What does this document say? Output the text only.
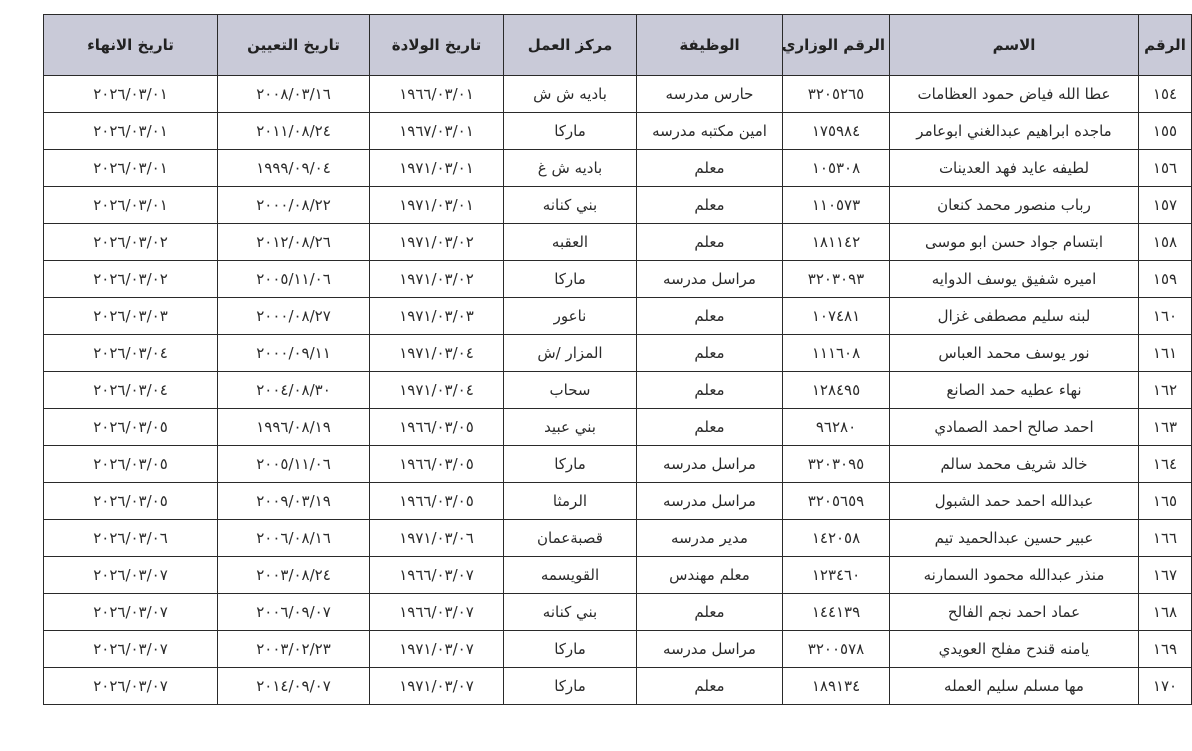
الرقم	الاسم	الرقم الوزاري	الوظيفة	مركز العمل	تاريخ الولادة	تاريخ التعيين	تاريخ الانهاء
١٥٤	عطا الله فياض حمود العظامات	٣٢٠٥٢٦٥	حارس مدرسه	باديه ش ش	١٩٦٦/٠٣/٠١	٢٠٠٨/٠٣/١٦	٢٠٢٦/٠٣/٠١
١٥٥	ماجده ابراهيم عبدالغني ابوعامر	١٧٥٩٨٤	امين مكتبه مدرسه	ماركا	١٩٦٧/٠٣/٠١	٢٠١١/٠٨/٢٤	٢٠٢٦/٠٣/٠١
١٥٦	لطيفه عايد فهد العدينات	١٠٥٣٠٨	معلم	باديه ش غ	١٩٧١/٠٣/٠١	١٩٩٩/٠٩/٠٤	٢٠٢٦/٠٣/٠١
١٥٧	رباب منصور محمد كنعان	١١٠٥٧٣	معلم	بني كنانه	١٩٧١/٠٣/٠١	٢٠٠٠/٠٨/٢٢	٢٠٢٦/٠٣/٠١
١٥٨	ابتسام جواد حسن ابو موسى	١٨١١٤٢	معلم	العقبه	١٩٧١/٠٣/٠٢	٢٠١٢/٠٨/٢٦	٢٠٢٦/٠٣/٠٢
١٥٩	اميره شفيق يوسف الدوايه	٣٢٠٣٠٩٣	مراسل مدرسه	ماركا	١٩٧١/٠٣/٠٢	٢٠٠٥/١١/٠٦	٢٠٢٦/٠٣/٠٢
١٦٠	لبنه سليم مصطفى غزال	١٠٧٤٨١	معلم	ناعور	١٩٧١/٠٣/٠٣	٢٠٠٠/٠٨/٢٧	٢٠٢٦/٠٣/٠٣
١٦١	نور يوسف محمد العباس	١١١٦٠٨	معلم	المزار /ش	١٩٧١/٠٣/٠٤	٢٠٠٠/٠٩/١١	٢٠٢٦/٠٣/٠٤
١٦٢	نهاء عطيه حمد الصانع	١٢٨٤٩٥	معلم	سحاب	١٩٧١/٠٣/٠٤	٢٠٠٤/٠٨/٣٠	٢٠٢٦/٠٣/٠٤
١٦٣	احمد صالح احمد الصمادي	٩٦٢٨٠	معلم	بني عبيد	١٩٦٦/٠٣/٠٥	١٩٩٦/٠٨/١٩	٢٠٢٦/٠٣/٠٥
١٦٤	خالد شريف محمد سالم	٣٢٠٣٠٩٥	مراسل مدرسه	ماركا	١٩٦٦/٠٣/٠٥	٢٠٠٥/١١/٠٦	٢٠٢٦/٠٣/٠٥
١٦٥	عبدالله احمد حمد الشبول	٣٢٠٥٦٥٩	مراسل مدرسه	الرمثا	١٩٦٦/٠٣/٠٥	٢٠٠٩/٠٣/١٩	٢٠٢٦/٠٣/٠٥
١٦٦	عبير حسين عبدالحميد تيم	١٤٢٠٥٨	مدير مدرسه	قصبةعمان	١٩٧١/٠٣/٠٦	٢٠٠٦/٠٨/١٦	٢٠٢٦/٠٣/٠٦
١٦٧	منذر عبدالله محمود السمارنه	١٢٣٤٦٠	معلم مهندس	القويسمه	١٩٦٦/٠٣/٠٧	٢٠٠٣/٠٨/٢٤	٢٠٢٦/٠٣/٠٧
١٦٨	عماد احمد نجم الفالح	١٤٤١٣٩	معلم	بني كنانه	١٩٦٦/٠٣/٠٧	٢٠٠٦/٠٩/٠٧	٢٠٢٦/٠٣/٠٧
١٦٩	يامنه قندح مفلح العويدي	٣٢٠٠٥٧٨	مراسل مدرسه	ماركا	١٩٧١/٠٣/٠٧	٢٠٠٣/٠٢/٢٣	٢٠٢٦/٠٣/٠٧
١٧٠	مها مسلم سليم العمله	١٨٩١٣٤	معلم	ماركا	١٩٧١/٠٣/٠٧	٢٠١٤/٠٩/٠٧	٢٠٢٦/٠٣/٠٧
